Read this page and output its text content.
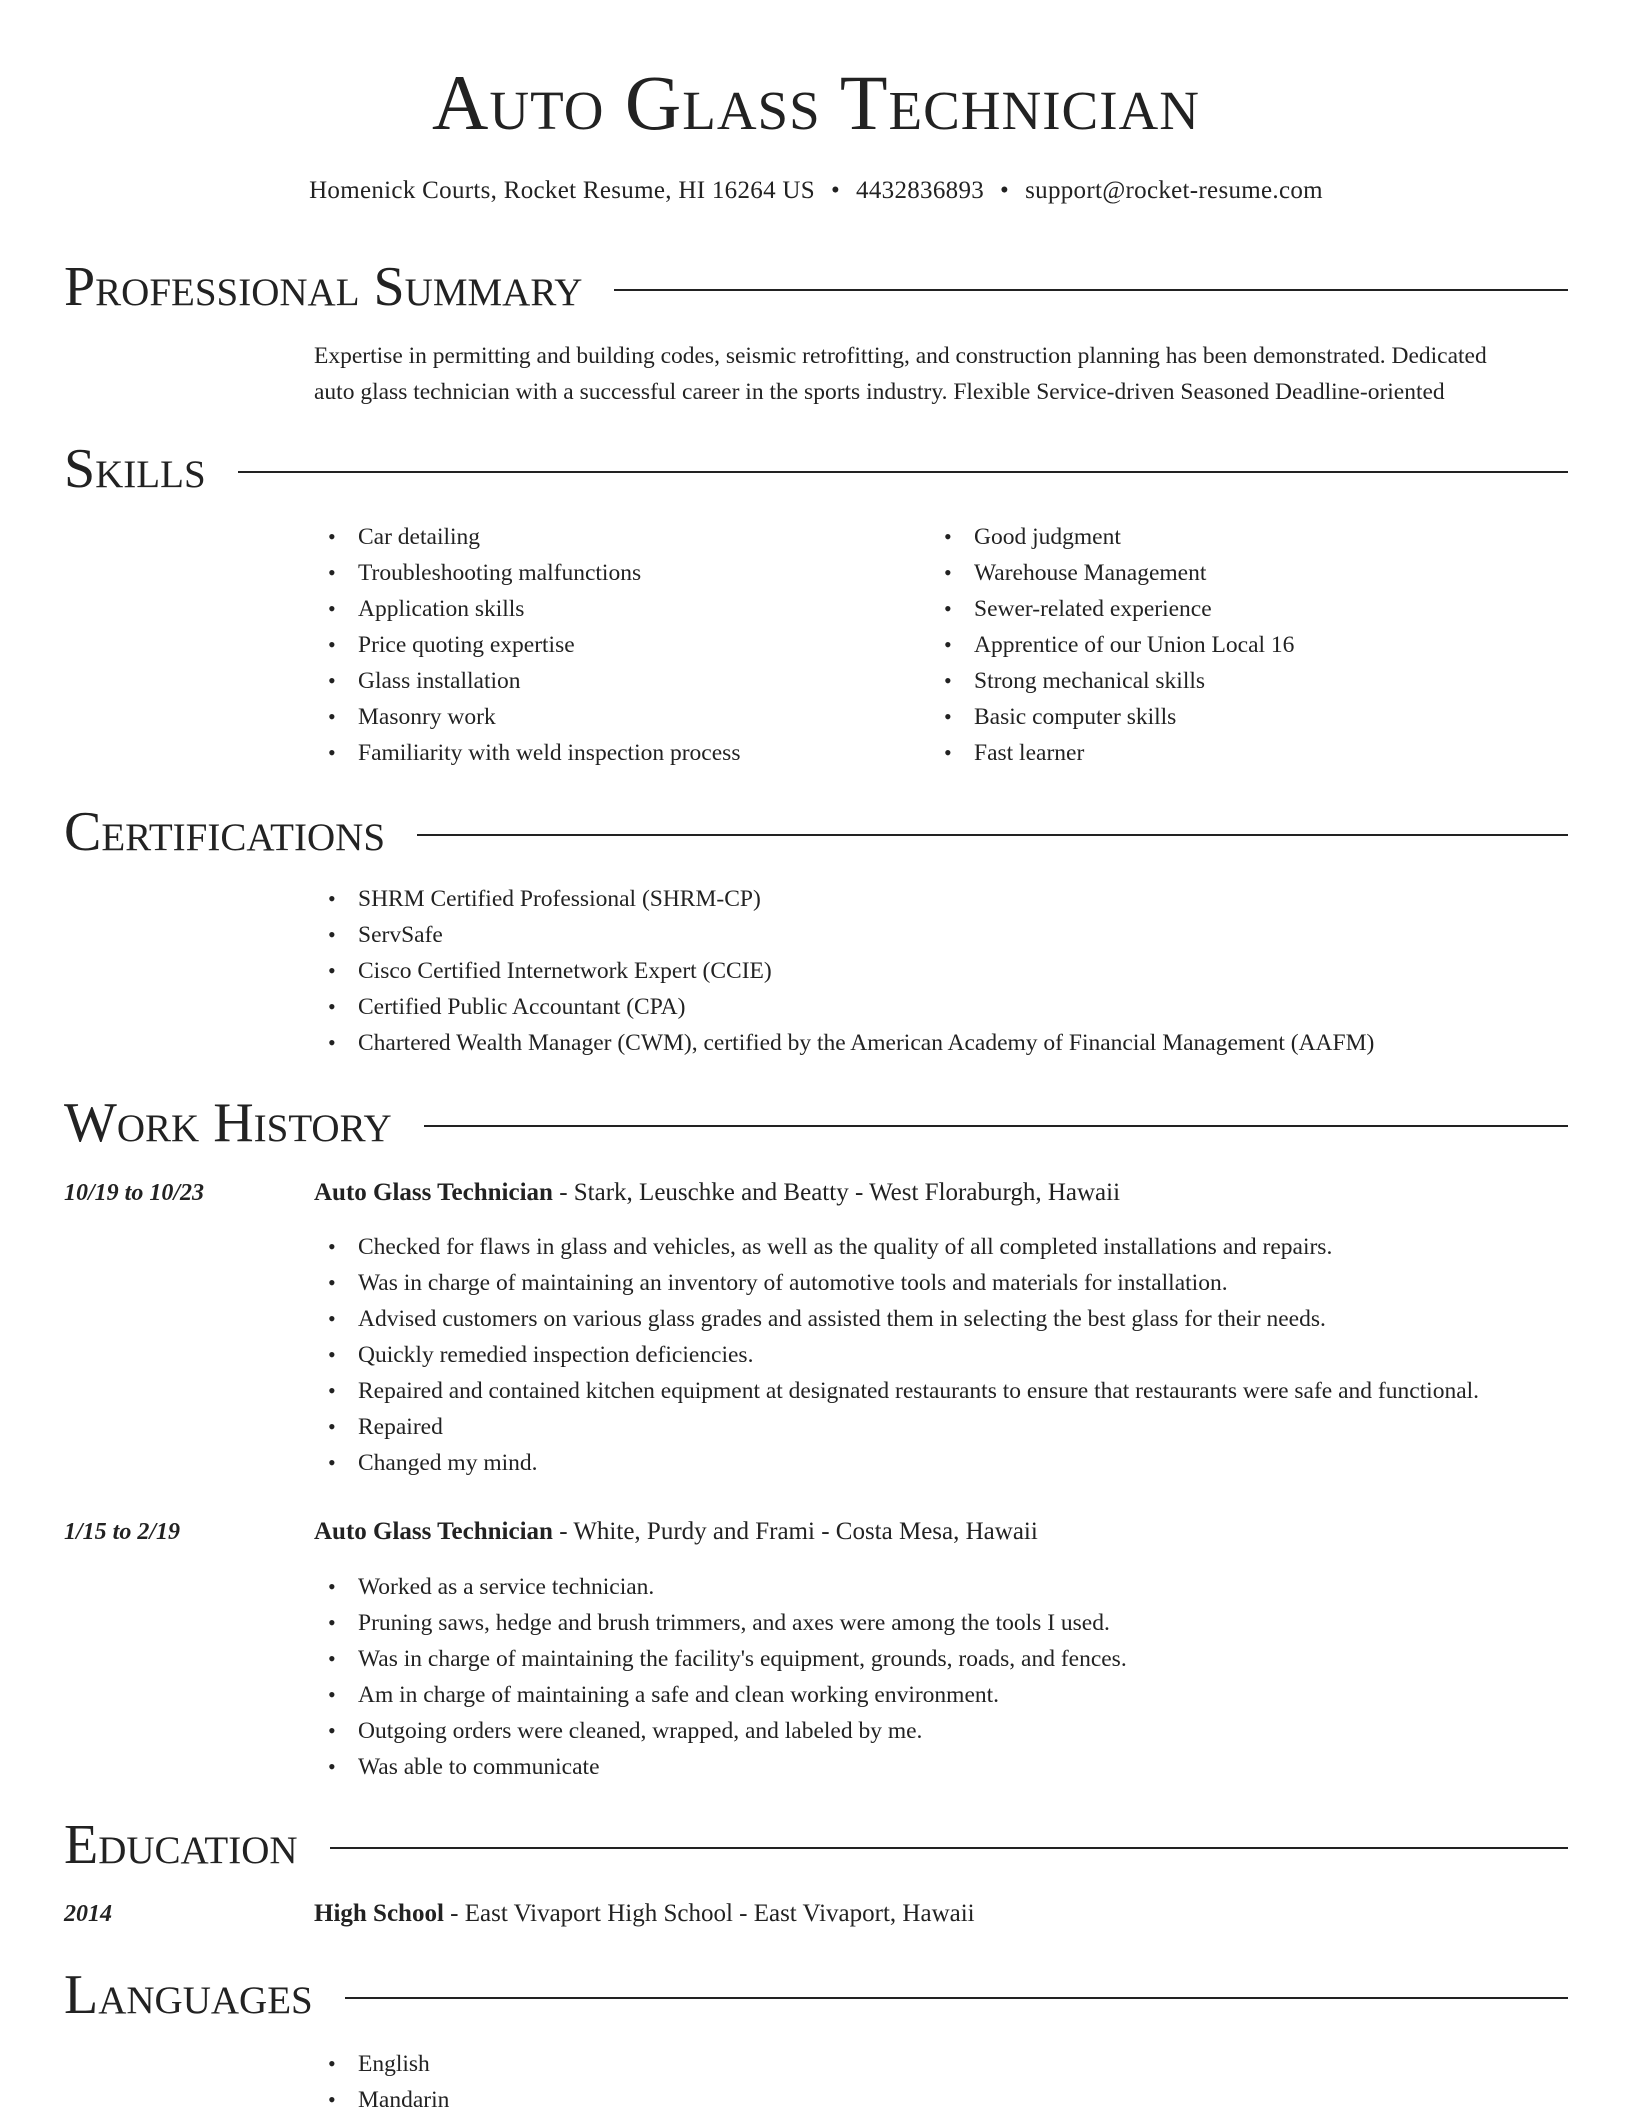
Auto Glass Technician
Homenick Courts, Rocket Resume, HI 16264 US • 4432836893 • support@rocket-resume.com
Professional Summary
Expertise in permitting and building codes, seismic retrofitting, and construction planning has been demonstrated. Dedicated
auto glass technician with a successful career in the sports industry. Flexible Service-driven Seasoned Deadline-oriented
Skills
• Car detailing
• Troubleshooting malfunctions
• Application skills
• Price quoting expertise
• Glass installation
• Masonry work
• Familiarity with weld inspection process
• Good judgment
• Warehouse Management
• Sewer-related experience
• Apprentice of our Union Local 16
• Strong mechanical skills
• Basic computer skills
• Fast learner
Certifications
• SHRM Certified Professional (SHRM-CP)
• ServSafe
• Cisco Certified Internetwork Expert (CCIE)
• Certified Public Accountant (CPA)
• Chartered Wealth Manager (CWM), certified by the American Academy of Financial Management (AAFM)
Work History
10/19 to 10/23	Auto Glass Technician - Stark, Leuschke and Beatty - West Floraburgh, Hawaii
• Checked for flaws in glass and vehicles, as well as the quality of all completed installations and repairs.
• Was in charge of maintaining an inventory of automotive tools and materials for installation.
• Advised customers on various glass grades and assisted them in selecting the best glass for their needs.
• Quickly remedied inspection deficiencies.
• Repaired and contained kitchen equipment at designated restaurants to ensure that restaurants were safe and functional.
• Repaired
• Changed my mind.
1/15 to 2/19	Auto Glass Technician - White, Purdy and Frami - Costa Mesa, Hawaii
• Worked as a service technician.
• Pruning saws, hedge and brush trimmers, and axes were among the tools I used.
• Was in charge of maintaining the facility's equipment, grounds, roads, and fences.
• Am in charge of maintaining a safe and clean working environment.
• Outgoing orders were cleaned, wrapped, and labeled by me.
• Was able to communicate
Education
2014	High School - East Vivaport High School - East Vivaport, Hawaii
Languages
• English
• Mandarin
